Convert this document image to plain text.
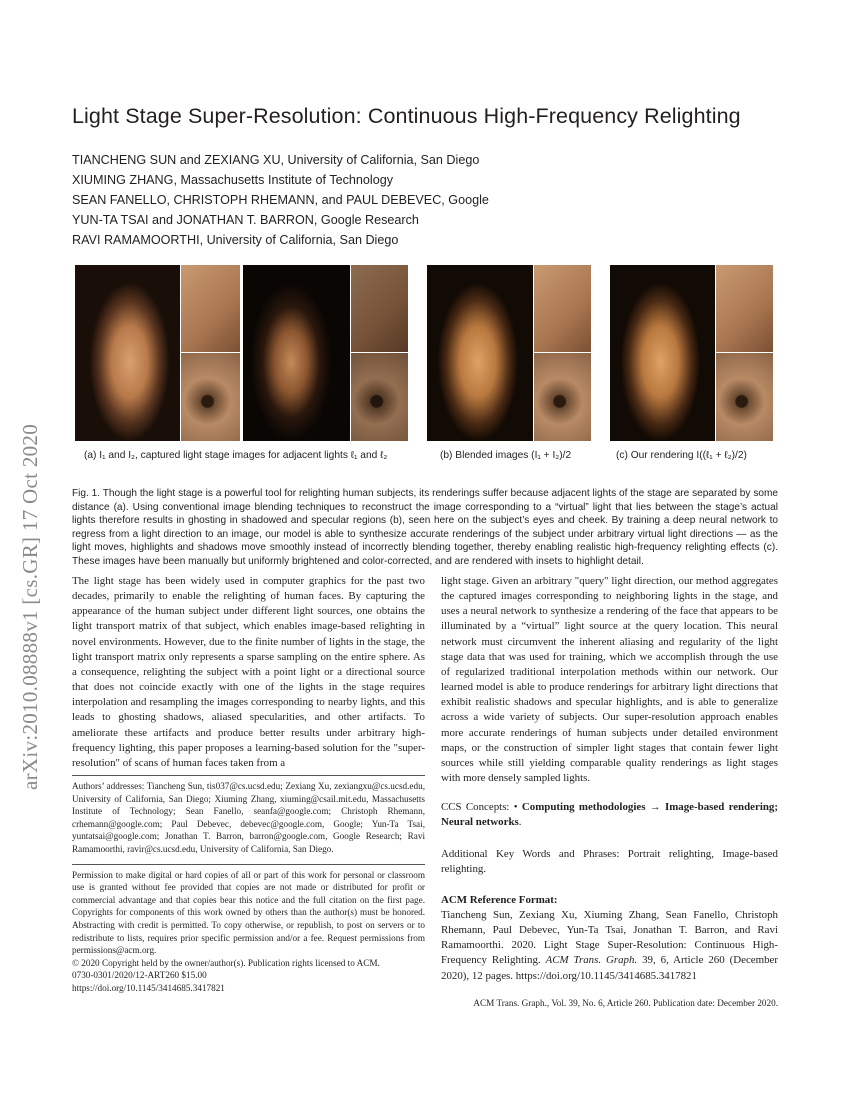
arXiv:2010.08888v1 [cs.GR] 17 Oct 2020
Light Stage Super-Resolution: Continuous High-Frequency Relighting
TIANCHENG SUN and ZEXIANG XU, University of California, San Diego
XIUMING ZHANG, Massachusetts Institute of Technology
SEAN FANELLO, CHRISTOPH RHEMANN, and PAUL DEBEVEC, Google
YUN-TA TSAI and JONATHAN T. BARRON, Google Research
RAVI RAMAMOORTHI, University of California, San Diego
(a) I₁ and I₂, captured light stage images for adjacent lights ℓ₁ and ℓ₂	(b) Blended images (I₁ + I₂)/2	(c) Our rendering I((ℓ₁ + ℓ₂)/2)
Fig. 1. Though the light stage is a powerful tool for relighting human subjects, its renderings suffer because adjacent lights of the stage are separated by some distance (a). Using conventional image blending techniques to reconstruct the image corresponding to a “virtual” light that lies between the stage’s actual lights therefore results in ghosting in shadowed and specular regions (b), seen here on the subject’s eyes and cheek. By training a deep neural network to regress from a light direction to an image, our model is able to synthesize accurate renderings of the subject under arbitrary virtual light directions — as the light moves, highlights and shadows move smoothly instead of incorrectly blending together, thereby enabling realistic high-frequency relighting effects (c). These images have been manually but uniformly brightened and color-corrected, and are rendered with insets to highlight detail.
The light stage has been widely used in computer graphics for the past two decades, primarily to enable the relighting of human faces. By capturing the appearance of the human subject under different light sources, one obtains the light transport matrix of that subject, which enables image-based relighting in novel environments. However, due to the finite number of lights in the stage, the light transport matrix only represents a sparse sampling on the entire sphere. As a consequence, relighting the subject with a point light or a directional source that does not coincide exactly with one of the lights in the stage requires interpolation and resampling the images corresponding to nearby lights, and this leads to ghosting shadows, aliased specularities, and other artifacts. To ameliorate these artifacts and produce better results under arbitrary high-frequency lighting, this paper proposes a learning-based solution for the "super-resolution" of scans of human faces taken from a
Authors’ addresses: Tiancheng Sun, tis037@cs.ucsd.edu; Zexiang Xu, zexiangxu@cs.ucsd.edu, University of California, San Diego; Xiuming Zhang, xiuming@csail.mit.edu, Massachusetts Institute of Technology; Sean Fanello, seanfa@google.com; Christoph Rhemann, crhemann@google.com; Paul Debevec, debevec@google.com, Google; Yun-Ta Tsai, yuntatsai@google.com; Jonathan T. Barron, barron@google.com, Google Research; Ravi Ramamoorthi, ravir@cs.ucsd.edu, University of California, San Diego.
Permission to make digital or hard copies of all or part of this work for personal or classroom use is granted without fee provided that copies are not made or distributed for profit or commercial advantage and that copies bear this notice and the full citation on the first page. Copyrights for components of this work owned by others than the author(s) must be honored. Abstracting with credit is permitted. To copy otherwise, or republish, to post on servers or to redistribute to lists, requires prior specific permission and/or a fee. Request permissions from permissions@acm.org.
© 2020 Copyright held by the owner/author(s). Publication rights licensed to ACM.
0730-0301/2020/12-ART260 $15.00
https://doi.org/10.1145/3414685.3417821
light stage. Given an arbitrary "query" light direction, our method aggregates the captured images corresponding to neighboring lights in the stage, and uses a neural network to synthesize a rendering of the face that appears to be illuminated by a “virtual” light source at the query location. This neural network must circumvent the inherent aliasing and regularity of the light stage data that was used for training, which we accomplish through the use of regularized traditional interpolation methods within our network. Our learned model is able to produce renderings for arbitrary light directions that exhibit realistic shadows and specular highlights, and is able to generalize across a wide variety of subjects. Our super-resolution approach enables more accurate renderings of human subjects under detailed environment maps, or the construction of simpler light stages that contain fewer light sources while still yielding comparable quality renderings as light stages with more densely sampled lights.
CCS Concepts: • Computing methodologies → Image-based rendering; Neural networks.
Additional Key Words and Phrases: Portrait relighting, Image-based relighting.
ACM Reference Format:
Tiancheng Sun, Zexiang Xu, Xiuming Zhang, Sean Fanello, Christoph Rhemann, Paul Debevec, Yun-Ta Tsai, Jonathan T. Barron, and Ravi Ramamoorthi. 2020. Light Stage Super-Resolution: Continuous High-Frequency Relighting. ACM Trans. Graph. 39, 6, Article 260 (December 2020), 12 pages. https://doi.org/10.1145/3414685.3417821
ACM Trans. Graph., Vol. 39, No. 6, Article 260. Publication date: December 2020.
